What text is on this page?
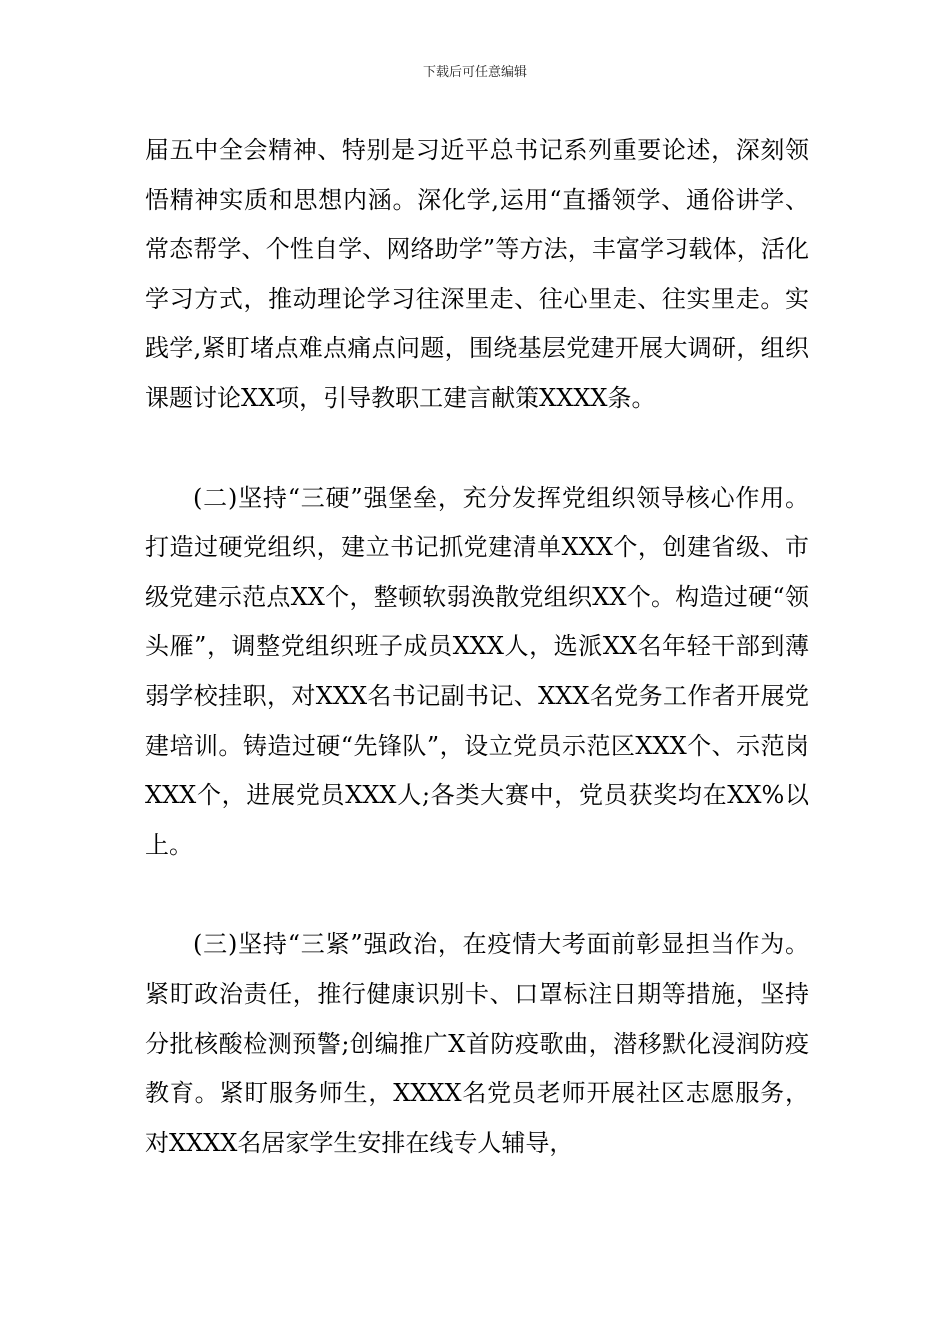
下载后可任意编辑

届五中全会精神、特别是习近平总书记系列重要论述，深刻领悟精神实质和思想内涵。深化学,运用“直播领学、通俗讲学、常态帮学、个性自学、网络助学”等方法，丰富学习载体，活化学习方式，推动理论学习往深里走、往心里走、往实里走。实践学,紧盯堵点难点痛点问题，围绕基层党建开展大调研，组织课题讨论XX项，引导教职工建言献策XXXX条。

(二)坚持“三硬”强堡垒，充分发挥党组织领导核心作用。打造过硬党组织，建立书记抓党建清单XXX个，创建省级、市级党建示范点XX个，整顿软弱涣散党组织XX个。构造过硬“领头雁”，调整党组织班子成员XXX人，选派XX名年轻干部到薄弱学校挂职，对XXX名书记副书记、XXX名党务工作者开展党建培训。铸造过硬“先锋队”，设立党员示范区XXX个、示范岗XXX个，进展党员XXX人;各类大赛中，党员获奖均在XX%以上。

(三)坚持“三紧”强政治，在疫情大考面前彰显担当作为。紧盯政治责任，推行健康识别卡、口罩标注日期等措施，坚持分批核酸检测预警;创编推广X首防疫歌曲，潜移默化浸润防疫教育。紧盯服务师生，XXXX名党员老师开展社区志愿服务，对XXXX名居家学生安排在线专人辅导，
